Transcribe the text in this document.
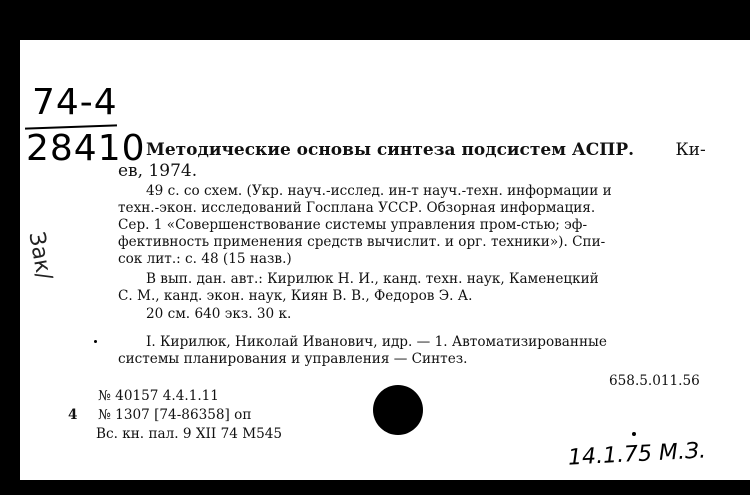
74-4
28410 Методические основы синтеза подсистем АСПР. Ки-
ев, 1974.
49 с. со схем. (Укр. науч.-исслед. ин-т науч.-техн. информации и
техн.-экон. исследований Госплана УССР. Обзорная информация.
Сер. 1 «Совершенствование системы управления пром-стью; эф-
фективность применения средств вычислит. и орг. техники»). Спи-
сок лит.: с. 48 (15 назв.)
В вып. дан. авт.: Кирилюк Н. И., канд. техн. наук, Каменецкий
С. М., канд. экон. наук, Киян В. В., Федоров Э. А.
20 см. 640 экз. 30 к.
I. Кирилюк, Николай Иванович, идр. — 1. Автоматизированные
системы планирования и управления — Синтез.
658.5.011.56
№ 40157 4.4.1.11
4 № 1307 [74-86358] оп
Вс. кн. пал. 9 XII 74 М545
Зак/
14.1.75 М.З.
